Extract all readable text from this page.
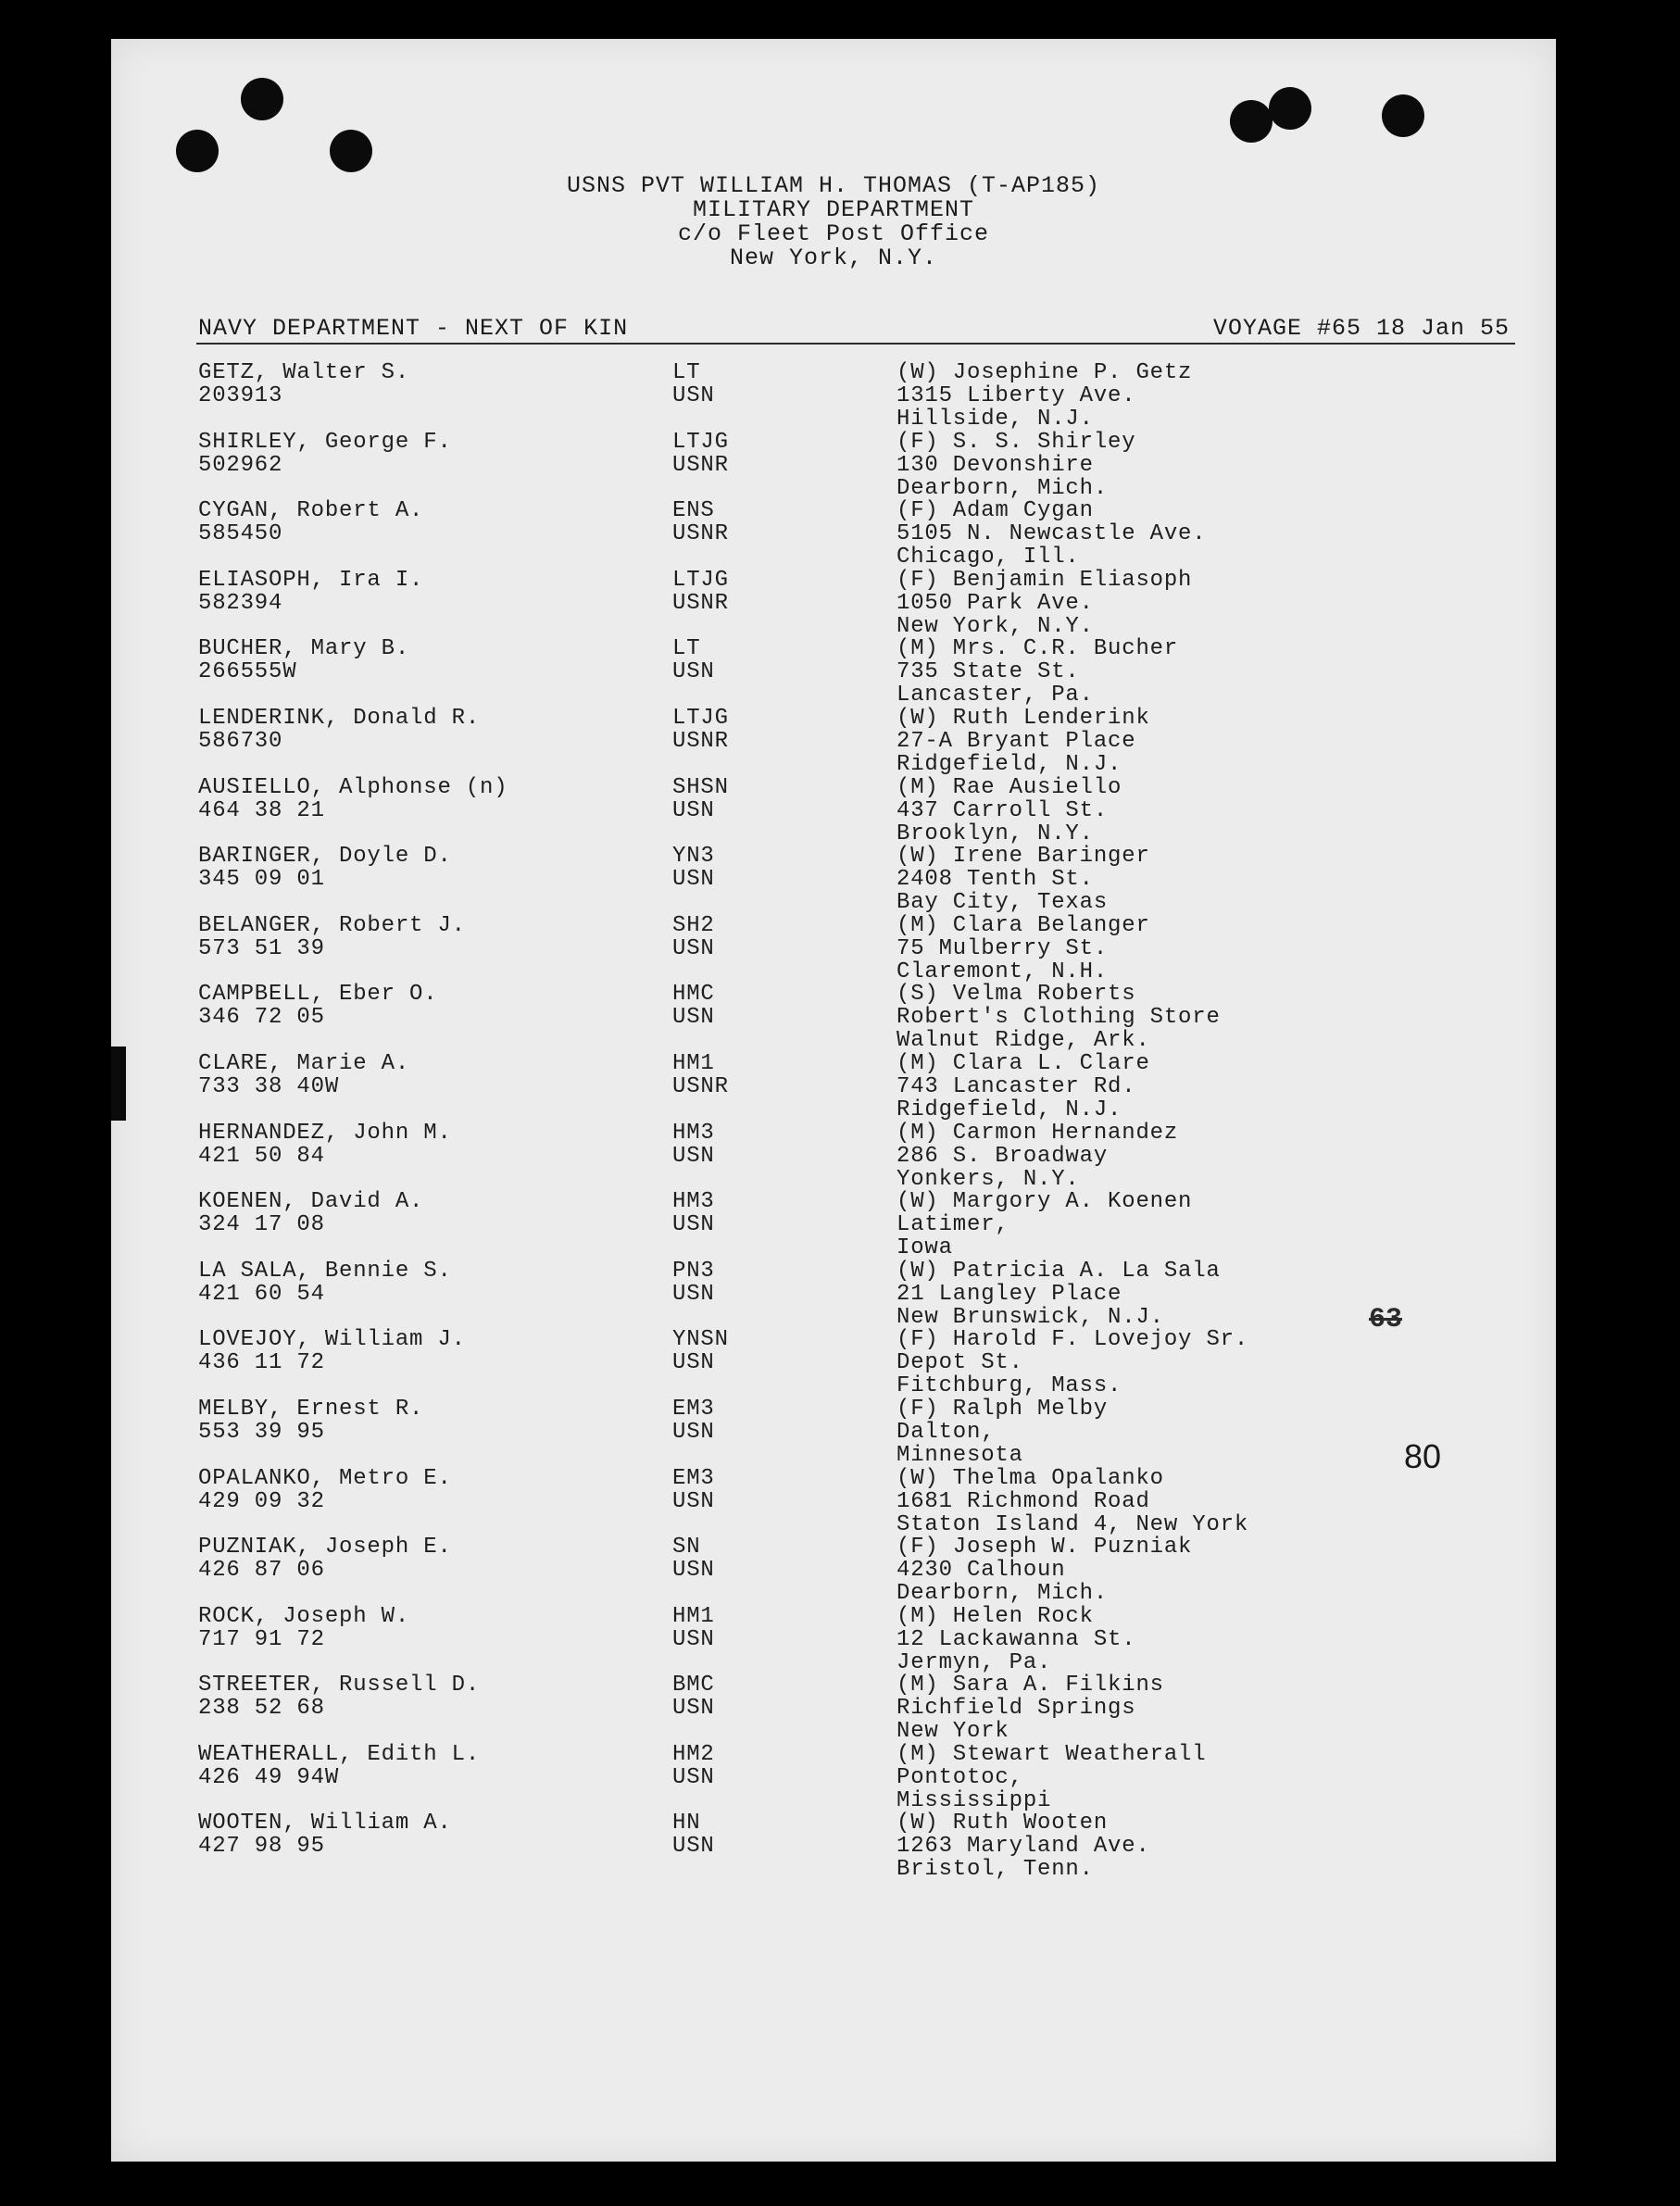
USNS PVT WILLIAM H. THOMAS (T-AP185)
MILITARY DEPARTMENT
c/o Fleet Post Office
New York, N.Y.
NAVY DEPARTMENT - NEXT OF KIN	VOYAGE #65 18 Jan 55
GETZ, Walter S.
203913
LT
USN
(W) Josephine P. Getz
1315 Liberty Ave.
Hillside, N.J.
SHIRLEY, George F.
502962
LTJG
USNR
(F) S. S. Shirley
130 Devonshire
Dearborn, Mich.
CYGAN, Robert A.
585450
ENS
USNR
(F) Adam Cygan
5105 N. Newcastle Ave.
Chicago, Ill.
ELIASOPH, Ira I.
582394
LTJG
USNR
(F) Benjamin Eliasoph
1050 Park Ave.
New York, N.Y.
BUCHER, Mary B.
266555W
LT
USN
(M) Mrs. C.R. Bucher
735 State St.
Lancaster, Pa.
LENDERINK, Donald R.
586730
LTJG
USNR
(W) Ruth Lenderink
27-A Bryant Place
Ridgefield, N.J.
AUSIELLO, Alphonse (n)
464 38 21
SHSN
USN
(M) Rae Ausiello
437 Carroll St.
Brooklyn, N.Y.
BARINGER, Doyle D.
345 09 01
YN3
USN
(W) Irene Baringer
2408 Tenth St.
Bay City, Texas
BELANGER, Robert J.
573 51 39
SH2
USN
(M) Clara Belanger
75 Mulberry St.
Claremont, N.H.
CAMPBELL, Eber O.
346 72 05
HMC
USN
(S) Velma Roberts
Robert's Clothing Store
Walnut Ridge, Ark.
CLARE, Marie A.
733 38 40W
HM1
USNR
(M) Clara L. Clare
743 Lancaster Rd.
Ridgefield, N.J.
HERNANDEZ, John M.
421 50 84
HM3
USN
(M) Carmon Hernandez
286 S. Broadway
Yonkers, N.Y.
KOENEN, David A.
324 17 08
HM3
USN
(W) Margory A. Koenen
Latimer,
Iowa
LA SALA, Bennie S.
421 60 54
PN3
USN
(W) Patricia A. La Sala
21 Langley Place
New Brunswick, N.J.
LOVEJOY, William J.
436 11 72
YNSN
USN
(F) Harold F. Lovejoy Sr.
Depot St.
Fitchburg, Mass.
MELBY, Ernest R.
553 39 95
EM3
USN
(F) Ralph Melby
Dalton,
Minnesota
OPALANKO, Metro E.
429 09 32
EM3
USN
(W) Thelma Opalanko
1681 Richmond Road
Staton Island 4, New York
PUZNIAK, Joseph E.
426 87 06
SN
USN
(F) Joseph W. Puzniak
4230 Calhoun
Dearborn, Mich.
ROCK, Joseph W.
717 91 72
HM1
USN
(M) Helen Rock
12 Lackawanna St.
Jermyn, Pa.
STREETER, Russell D.
238 52 68
BMC
USN
(M) Sara A. Filkins
Richfield Springs
New York
WEATHERALL, Edith L.
426 49 94W
HM2
USN
(M) Stewart Weatherall
Pontotoc,
Mississippi
WOOTEN, William A.
427 98 95
HN
USN
(W) Ruth Wooten
1263 Maryland Ave.
Bristol, Tenn.
63
80
